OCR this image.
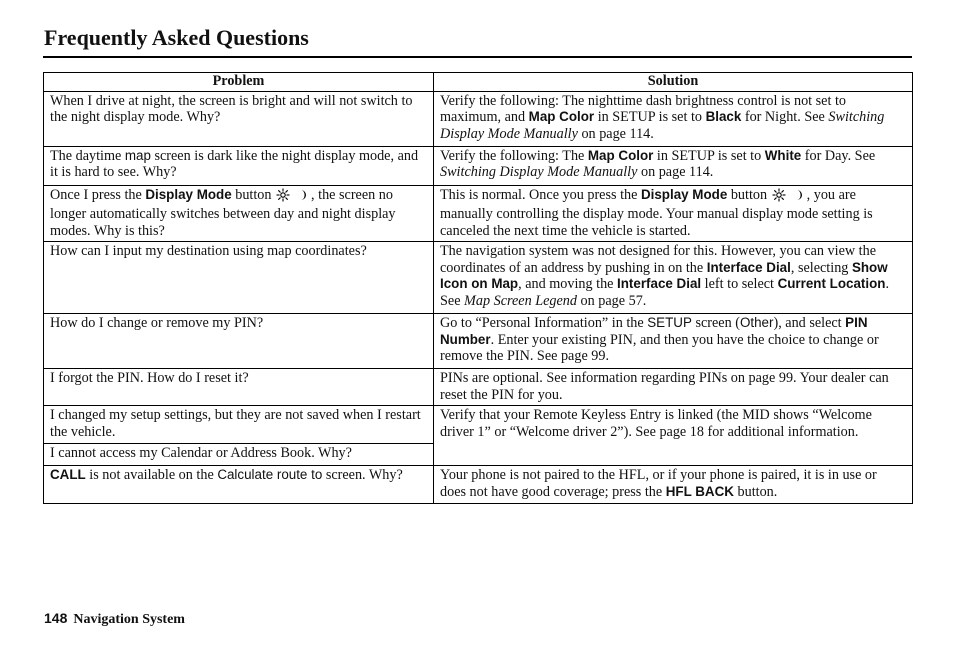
Frequently Asked Questions
Problem	Solution
When I drive at night, the screen is bright and will not switch to the night display mode. Why?	Verify the following: The nighttime dash brightness control is not set to maximum, and Map Color in SETUP is set to Black for Night. See Switching Display Mode Manually on page 114.
The daytime map screen is dark like the night display mode, and it is hard to see. Why?	Verify the following: The Map Color in SETUP is set to White for Day. See Switching Display Mode Manually on page 114.
Once I press the Display Mode button , the screen no longer automatically switches between day and night display modes. Why is this?	This is normal. Once you press the Display Mode button , you are manually controlling the display mode. Your manual display mode setting is canceled the next time the vehicle is started.
How can I input my destination using map coordinates?	The navigation system was not designed for this. However, you can view the coordinates of an address by pushing in on the Interface Dial, selecting Show Icon on Map, and moving the Interface Dial left to select Current Location. See Map Screen Legend on page 57.
How do I change or remove my PIN?	Go to “Personal Information” in the SETUP screen (Other), and select PIN Number. Enter your existing PIN, and then you have the choice to change or remove the PIN. See page 99.
I forgot the PIN. How do I reset it?	PINs are optional. See information regarding PINs on page 99. Your dealer can reset the PIN for you.
I changed my setup settings, but they are not saved when I restart the vehicle.	Verify that your Remote Keyless Entry is linked (the MID shows “Welcome driver 1” or “Welcome driver 2”). See page 18 for additional information.
I cannot access my Calendar or Address Book. Why?	
CALL is not available on the Calculate route to screen. Why?	Your phone is not paired to the HFL, or if your phone is paired, it is in use or does not have good coverage; press the HFL BACK button.
148 Navigation System
